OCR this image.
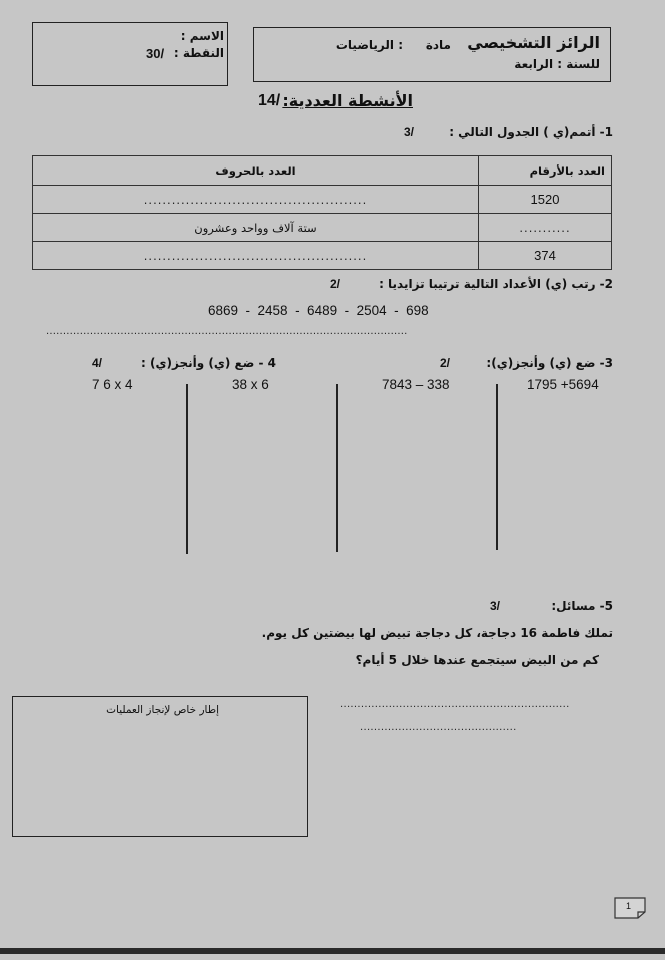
الاسم :
النقطة :
30/
الرائز التشخيصي
مادة
: الرياضيات
للسنة : الرابعة
الأنشطة العددية:
14/
1- أتمم(ي ) الجدول التالي :
3/
العدد بالأرقام	العدد بالحروف
1520	................................................
...........	ستة آلاف وواحد وعشرون
374	................................................
2- رتب (ي) الأعداد التالية ترتيبا تزايديا :
2/
6869  -  2458  -  6489  -  2504  -  698
...........................................................................................................
3- ضع (ي) وأنجز(ي):
2/
4 - ضع (ي) وأنجز(ي) :
4/
1795 +5694
7843 – 338
38 x 6
7 6 x 4
5- مسائل:
3/
تملك فاطمة 16 دجاجة، كل دجاجة تبيض لها بيضتين كل يوم.
كم من البيض سيتجمع عندها خلال 5 أيام؟
..................................................................
.............................................
إطار خاص لإنجاز العمليات
1
